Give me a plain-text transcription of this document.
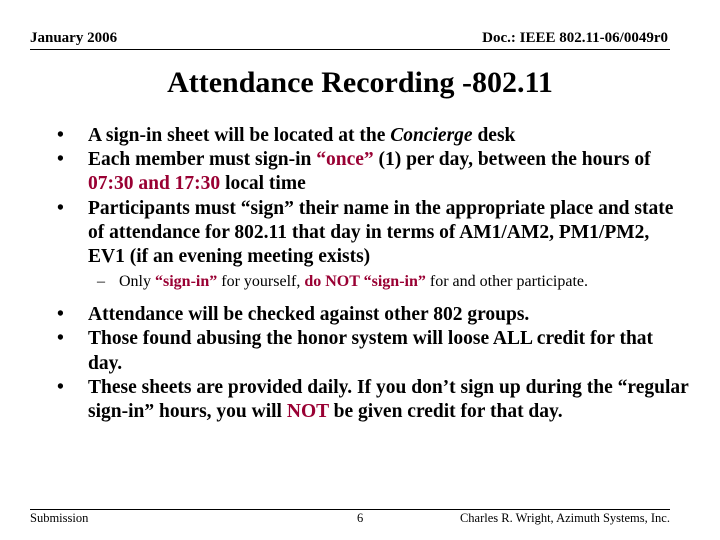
January 2006	Doc.: IEEE 802.11-06/0049r0
Attendance Recording -802.11

• A sign-in sheet will be located at the Concierge desk

• Each member must sign-in “once” (1) per day, between the hours of 07:30 and 17:30 local time

• Participants must “sign” their name in the appropriate place and state of attendance for 802.11 that day in terms of AM1/AM2, PM1/PM2, EV1 (if an evening meeting exists)

– Only “sign-in” for yourself, do NOT “sign-in” for and other participate.

• Attendance will be checked against other 802 groups.

• Those found abusing the honor system will loose ALL credit for that day.

• These sheets are provided daily. If you don’t sign up during the “regular sign-in” hours, you will NOT be given credit for that day.

Submission	6	Charles R. Wright, Azimuth Systems, Inc.
